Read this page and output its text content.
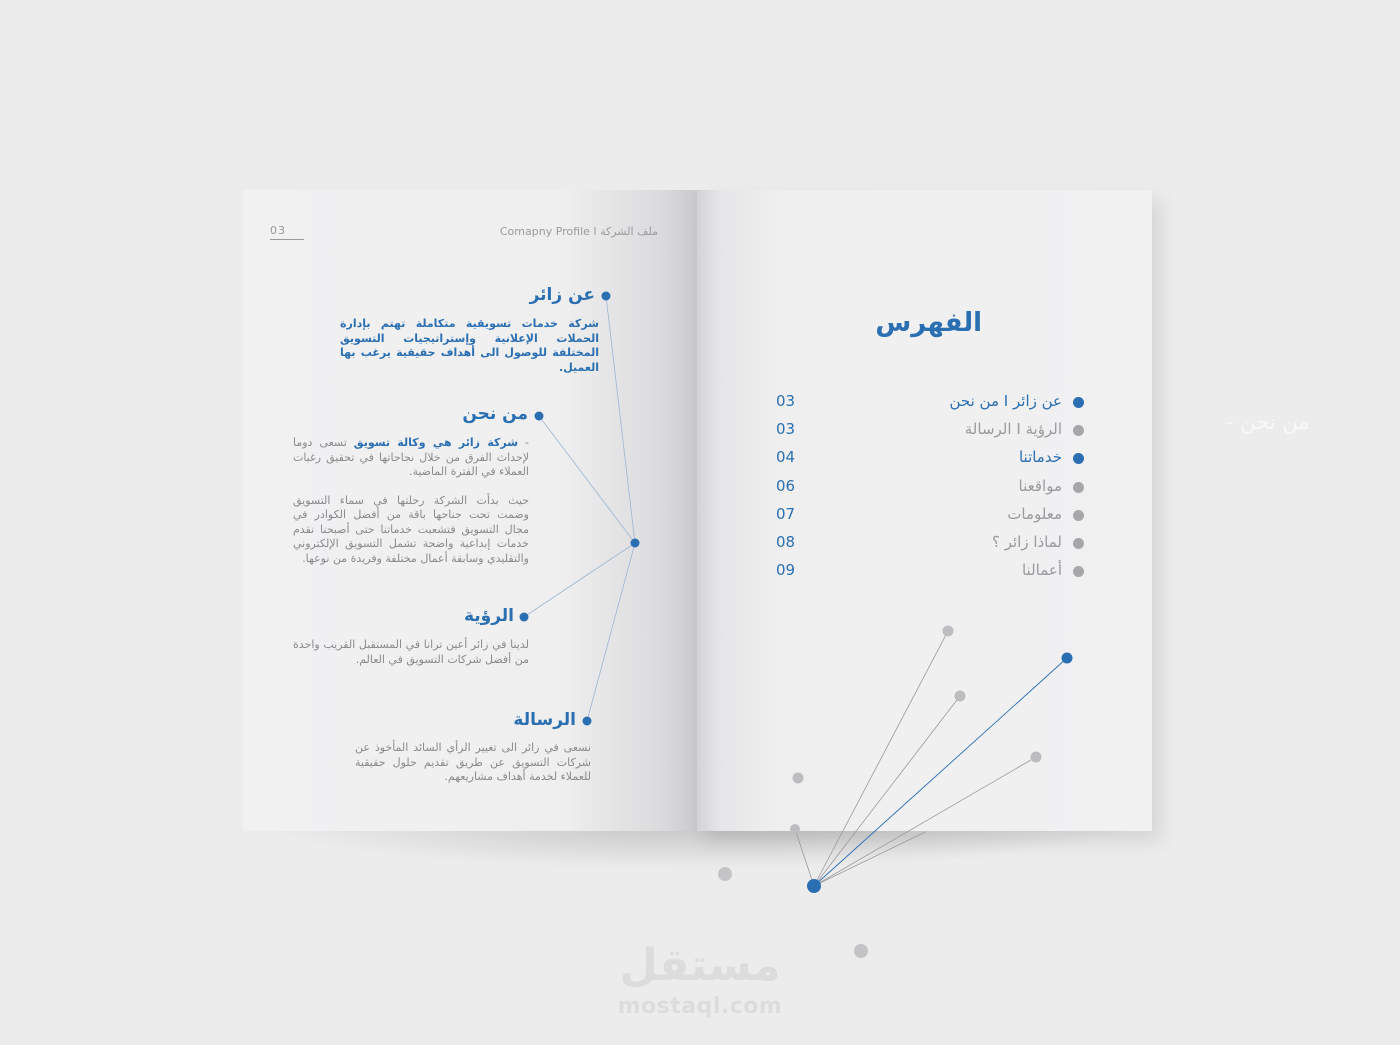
03	Comapny Profile I ملف الشركة
عن زائر
شركة خدمات تسويقية متكاملة تهتم بإدارة الحملات الإعلانية وإستراتيجيات التسويق المختلفة للوصول الى أهداف حقيقية يرغب بها العميل.
من نحن

- شركة زائر هي وكالة تسويق تسعى دوما لإحداث الفرق من خلال نجاحاتها في تحقيق رغبات العملاء في الفترة الماضية.

حيث بدأت الشركة رحلتها في سماء التسويق وضمت تحت جناحها باقة من أفضل الكوادر في مجال التسويق فتشعبت خدماتنا حتى أصبحنا نقدم خدمات إبداعية واضحة تشمل التسويق الإلكتروني والتقليدي وسابقة أعمال مختلفة وفريدة من نوعها.

الرؤية
لدينا في زائر أعين ترانا في المستقبل القريب واحدة من أفضل شركات التسويق في العالم.
الرسالة
نسعى في زائر الى تغيير الرأي السائد المأخوذ عن شركات التسويق عن طريق تقديم حلول حقيقية للعملاء لخدمة أهداف مشاريعهم.
الفهرس
03	عن زائر I من نحن
03	الرؤية I الرسالة
04	خدماتنا
06	مواقعنا
07	معلومات
08	لماذا زائر ؟
09	أعمالنا
من نحن -
مستقل
mostaql.com
